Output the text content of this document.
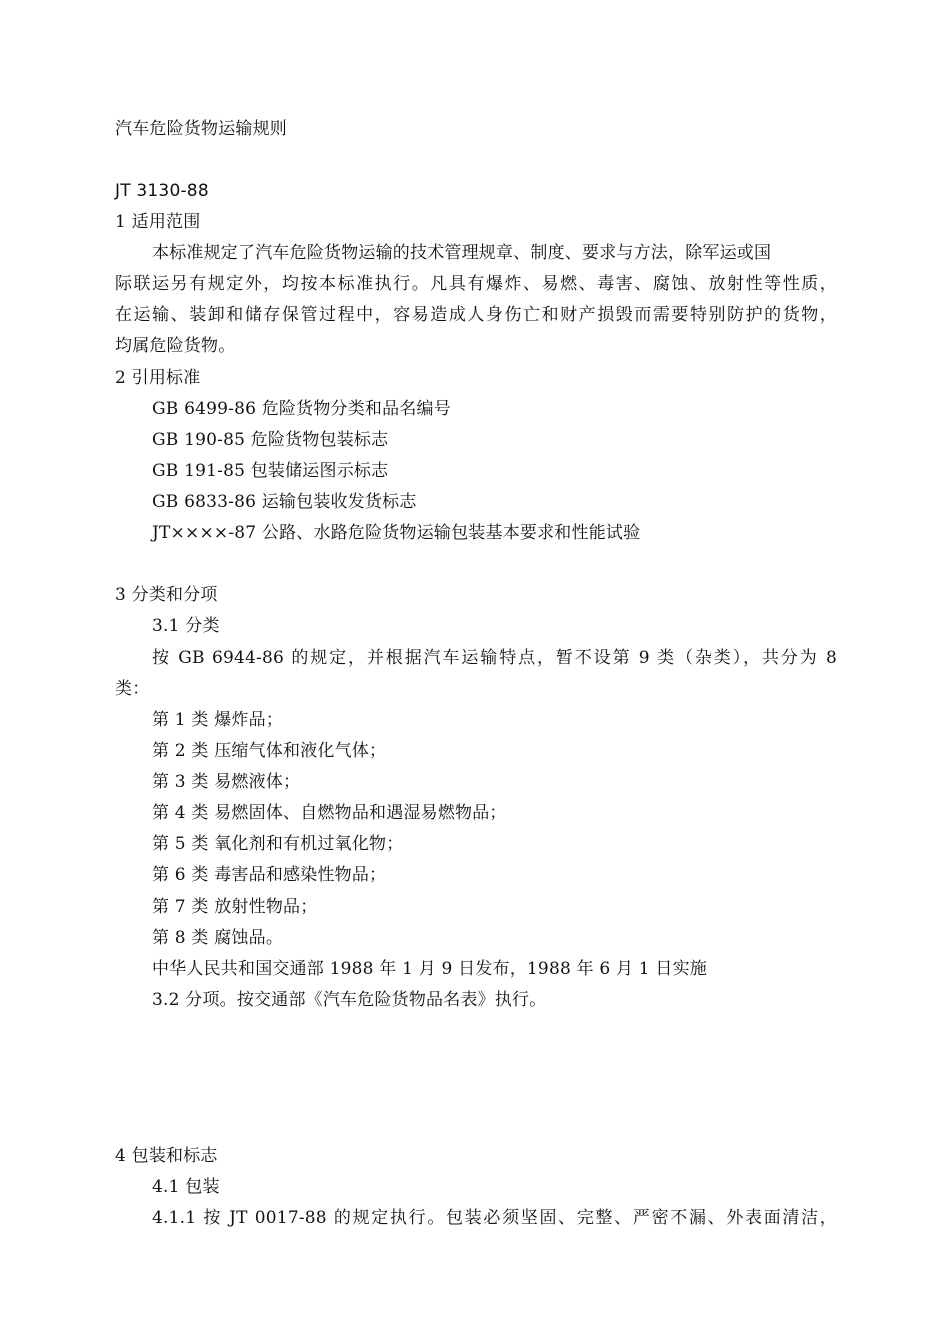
汽车危险货物运输规则
JT 3130-88
1 适用范围
本标准规定了汽车危险货物运输的技术管理规章、制度、要求与方法，除军运或国
际联运另有规定外，均按本标准执行。凡具有爆炸、易燃、毒害、腐蚀、放射性等性质，
在运输、装卸和储存保管过程中，容易造成人身伤亡和财产损毁而需要特别防护的货物，
均属危险货物。
2 引用标准
GB 6499-86 危险货物分类和品名编号
GB 190-85 危险货物包装标志
GB 191-85 包装储运图示标志
GB 6833-86 运输包装收发货标志
JT××××-87 公路、水路危险货物运输包装基本要求和性能试验
3 分类和分项
3.1 分类
按 GB 6944-86 的规定，并根据汽车运输特点，暂不设第 9 类（杂类），共分为 8
类：
第 1 类 爆炸品；
第 2 类 压缩气体和液化气体；
第 3 类 易燃液体；
第 4 类 易燃固体、自燃物品和遇湿易燃物品；
第 5 类 氧化剂和有机过氧化物；
第 6 类 毒害品和感染性物品；
第 7 类 放射性物品；
第 8 类 腐蚀品。
中华人民共和国交通部 1988 年 1 月 9 日发布，1988 年 6 月 1 日实施
3.2 分项。按交通部《汽车危险货物品名表》执行。
4 包装和标志
4.1 包装
4.1.1 按 JT 0017-88 的规定执行。包装必须坚固、完整、严密不漏、外表面清洁，
